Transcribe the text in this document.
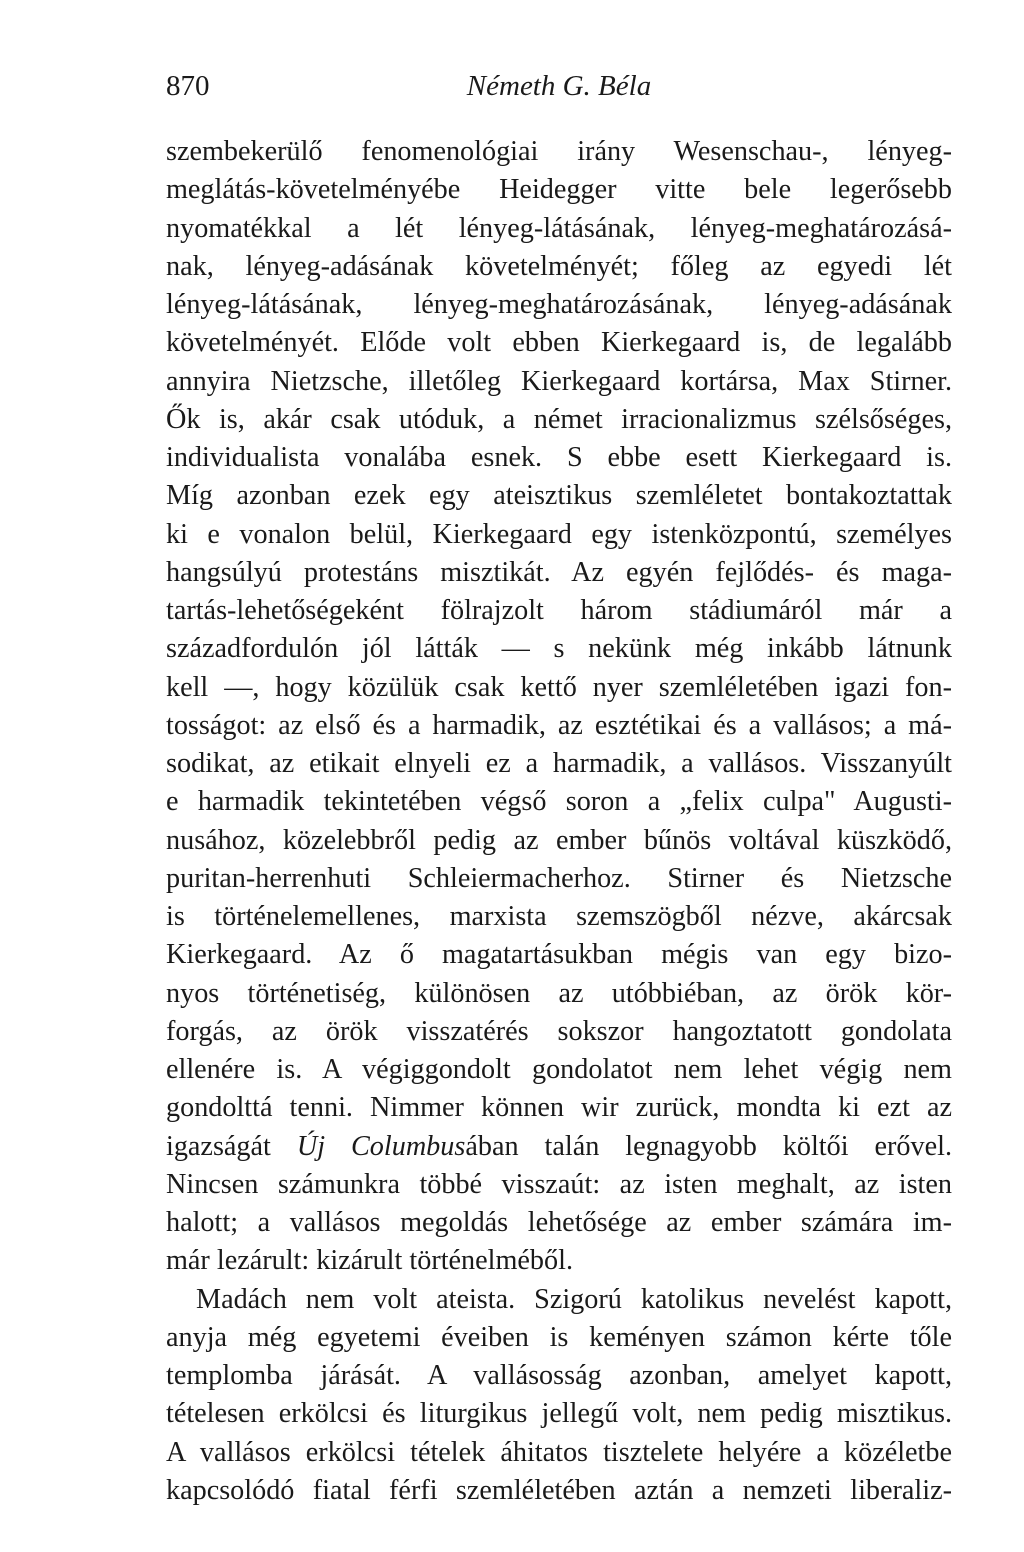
870	Németh G. Béla
szembekerülő fenomenológiai irány Wesenschau-, lényeg-
meglátás-követelményébe Heidegger vitte bele legerősebb
nyomatékkal a lét lényeg-látásának, lényeg-meghatározásá-
nak, lényeg-adásának követelményét; főleg az egyedi lét
lényeg-látásának, lényeg-meghatározásának, lényeg-adásának
követelményét. Előde volt ebben Kierkegaard is, de legalább
annyira Nietzsche, illetőleg Kierkegaard kortársa, Max Stirner.
Ők is, akár csak utóduk, a német irracionalizmus szélsőséges,
individualista vonalába esnek. S ebbe esett Kierkegaard is.
Míg azonban ezek egy ateisztikus szemléletet bontakoztattak
ki e vonalon belül, Kierkegaard egy istenközpontú, személyes
hangsúlyú protestáns misztikát. Az egyén fejlődés- és maga-
tartás-lehetőségeként fölrajzolt három stádiumáról már a
századfordulón jól látták — s nekünk még inkább látnunk
kell —, hogy közülük csak kettő nyer szemléletében igazi fon-
tosságot: az első és a harmadik, az esztétikai és a vallásos; a má-
sodikat, az etikait elnyeli ez a harmadik, a vallásos. Visszanyúlt
e harmadik tekintetében végső soron a „felix culpa" Augusti-
nusához, közelebbről pedig az ember bűnös voltával küszködő,
puritan-herrenhuti Schleiermacherhoz. Stirner és Nietzsche
is történelemellenes, marxista szemszögből nézve, akárcsak
Kierkegaard. Az ő magatartásukban mégis van egy bizo-
nyos történetiség, különösen az utóbbiéban, az örök kör-
forgás, az örök visszatérés sokszor hangoztatott gondolata
ellenére is. A végiggondolt gondolatot nem lehet végig nem
gondolttá tenni. Nimmer können wir zurück, mondta ki ezt az
igazságát Új Columbusában talán legnagyobb költői erővel.
Nincsen számunkra többé visszaút: az isten meghalt, az isten
halott; a vallásos megoldás lehetősége az ember számára im-
már lezárult: kizárult történelméből.
Madách nem volt ateista. Szigorú katolikus nevelést kapott,
anyja még egyetemi éveiben is keményen számon kérte tőle
templomba járását. A vallásosság azonban, amelyet kapott,
tételesen erkölcsi és liturgikus jellegű volt, nem pedig misztikus.
A vallásos erkölcsi tételek áhitatos tisztelete helyére a közéletbe
kapcsolódó fiatal férfi szemléletében aztán a nemzeti liberaliz-
